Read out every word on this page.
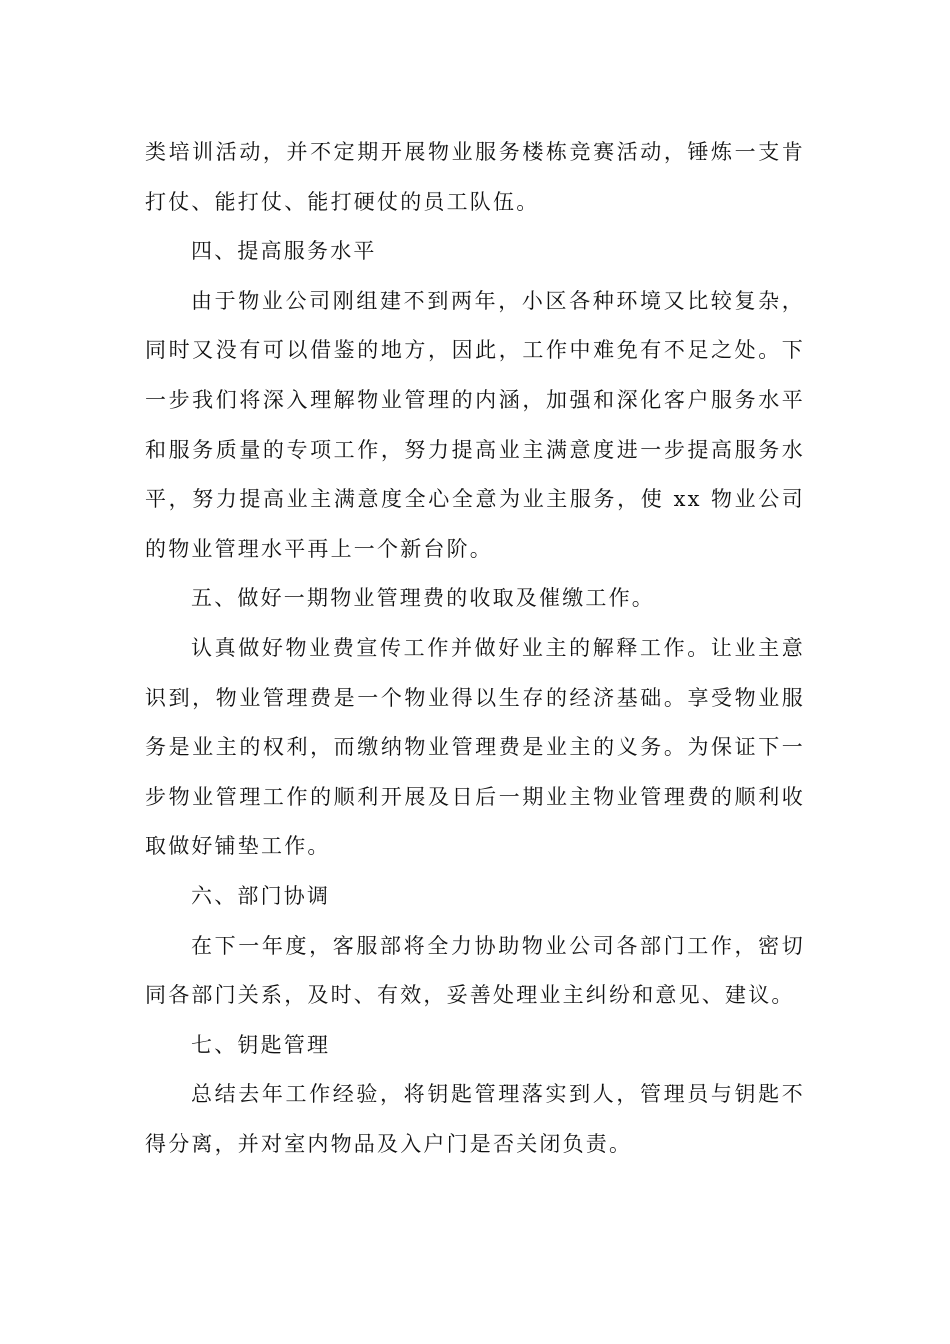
类培训活动，并不定期开展物业服务楼栋竞赛活动，锤炼一支肯打仗、能打仗、能打硬仗的员工队伍。

四、提高服务水平

由于物业公司刚组建不到两年，小区各种环境又比较复杂，同时又没有可以借鉴的地方，因此，工作中难免有不足之处。下一步我们将深入理解物业管理的内涵，加强和深化客户服务水平和服务质量的专项工作，努力提高业主满意度进一步提高服务水平，努力提高业主满意度全心全意为业主服务，使 xx 物业公司的物业管理水平再上一个新台阶。

五、做好一期物业管理费的收取及催缴工作。

认真做好物业费宣传工作并做好业主的解释工作。让业主意识到，物业管理费是一个物业得以生存的经济基础。享受物业服务是业主的权利，而缴纳物业管理费是业主的义务。为保证下一步物业管理工作的顺利开展及日后一期业主物业管理费的顺利收取做好铺垫工作。

六、部门协调

在下一年度，客服部将全力协助物业公司各部门工作，密切同各部门关系，及时、有效，妥善处理业主纠纷和意见、建议。

七、钥匙管理

总结去年工作经验，将钥匙管理落实到人，管理员与钥匙不得分离，并对室内物品及入户门是否关闭负责。
